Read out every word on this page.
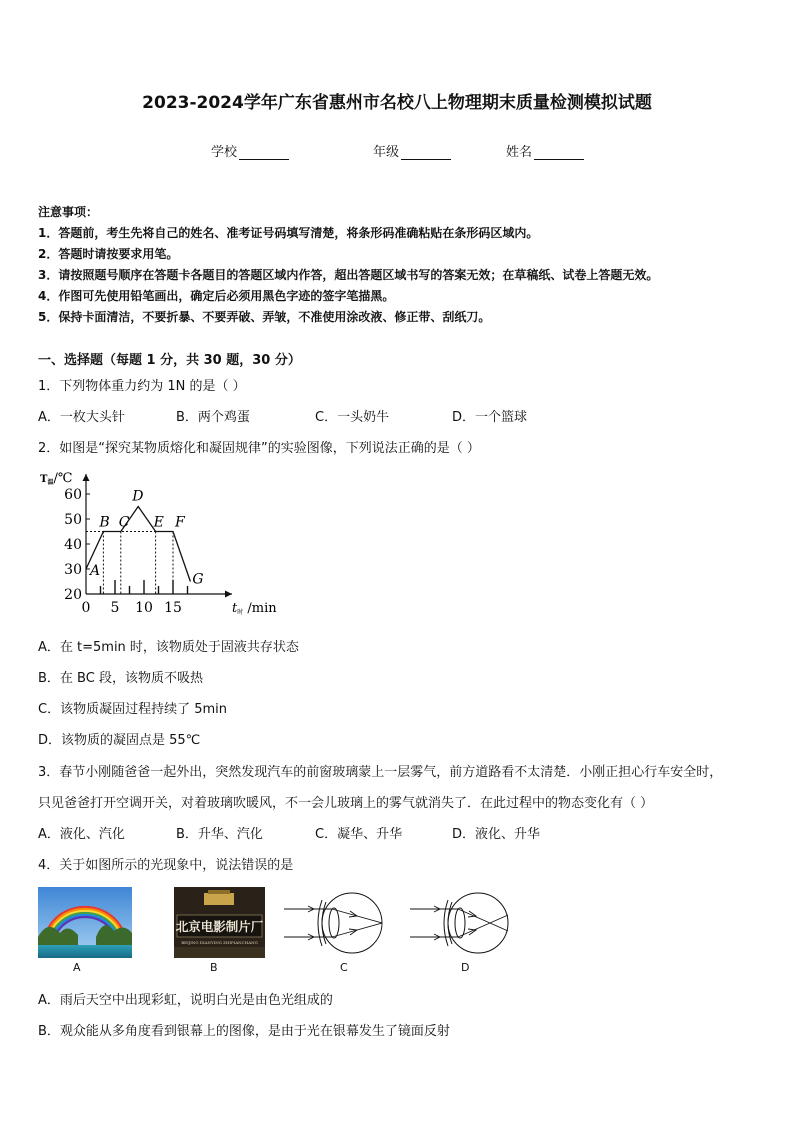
2023-2024学年广东省惠州市名校八上物理期末质量检测模拟试题
学校	年级	姓名
注意事项：
1．答题前，考生先将自己的姓名、准考证号码填写清楚，将条形码准确粘贴在条形码区域内。
2．答题时请按要求用笔。
3．请按照题号顺序在答题卡各题目的答题区域内作答，超出答题区域书写的答案无效；在草稿纸、试卷上答题无效。
4．作图可先使用铅笔画出，确定后必须用黑色字迹的签字笔描黑。
5．保持卡面清洁，不要折暴、不要弄破、弄皱，不准使用涂改液、修正带、刮纸刀。
一、选择题（每题 1 分，共 30 题，30 分）
1．下列物体重力约为 1N 的是（ ）
A．一枚大头针	B．两个鸡蛋	C．一头奶牛	D．一个篮球
2．如图是“探究某物质熔化和凝固规律”的实验图像，下列说法正确的是（ ）
T温/℃
t时 /min
20
30
40
50
60
0 5 10 15
A
B C
D
E F
G
A．在 t=5min 时，该物质处于固液共存状态
B．在 BC 段，该物质不吸热
C．该物质凝固过程持续了 5min
D．该物质的凝固点是 55℃
3．春节小刚随爸爸一起外出，突然发现汽车的前窗玻璃蒙上一层雾气，前方道路看不太清楚．小刚正担心行车安全时，
只见爸爸打开空调开关，对着玻璃吹暖风，不一会儿玻璃上的雾气就消失了．在此过程中的物态变化有（ ）
A．液化、汽化	B．升华、汽化	C．凝华、升华	D．液化、升华
4．关于如图所示的光现象中，说法错误的是
A
北京电影制片厂
BEIJING DIANYING ZHIPIANCHANG
B	C	D
A．雨后天空中出现彩虹，说明白光是由色光组成的
B．观众能从多角度看到银幕上的图像，是由于光在银幕发生了镜面反射
